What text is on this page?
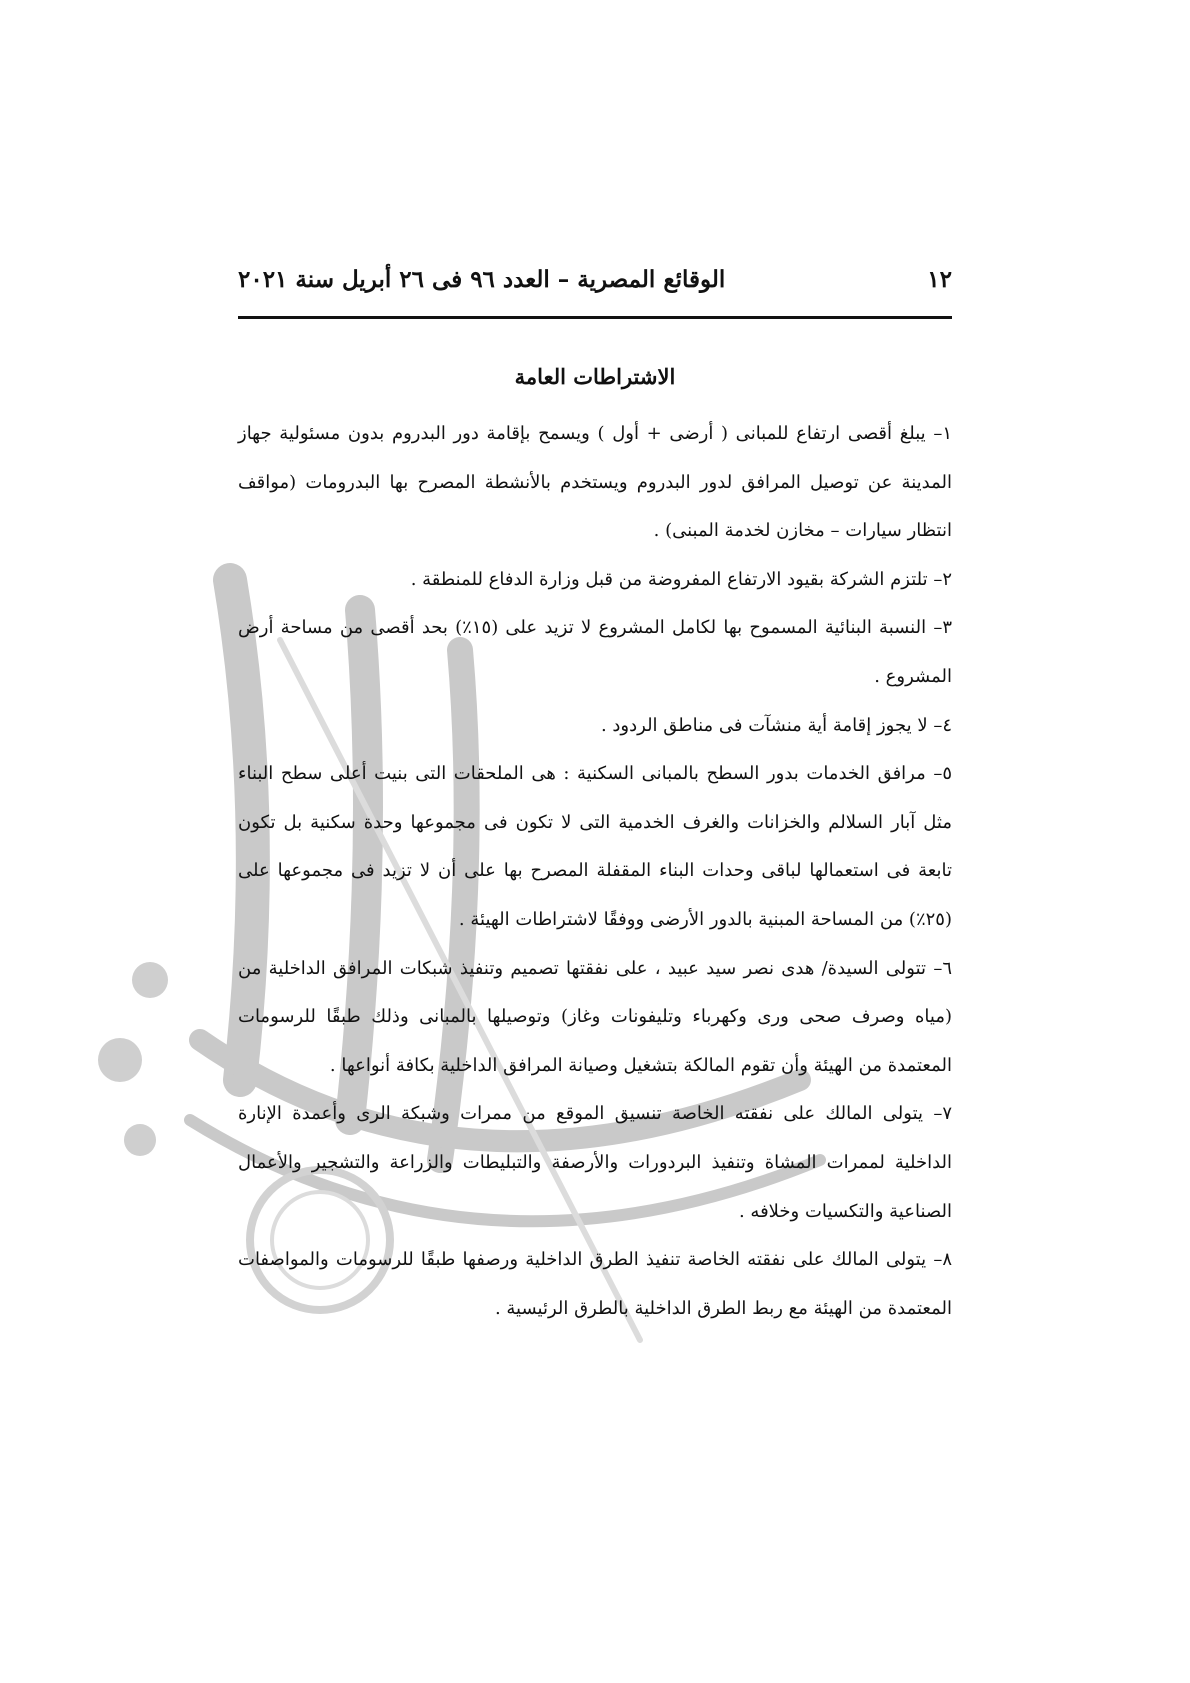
١٢
الوقائع المصرية – العدد ٩٦ فى ٢٦ أبريل سنة ٢٠٢١
الاشتراطات العامة

١– يبلغ أقصى ارتفاع للمبانى ( أرضى + أول ) ويسمح بإقامة دور البدروم بدون مسئولية جهاز المدينة عن توصيل المرافق لدور البدروم ويستخدم بالأنشطة المصرح بها البدرومات (مواقف انتظار سيارات – مخازن لخدمة المبنى) .

٢– تلتزم الشركة بقيود الارتفاع المفروضة من قبل وزارة الدفاع للمنطقة .

٣– النسبة البنائية المسموح بها لكامل المشروع لا تزيد على (١٥٪) بحد أقصى من مساحة أرض المشروع .

٤– لا يجوز إقامة أية منشآت فى مناطق الردود .

٥– مرافق الخدمات بدور السطح بالمبانى السكنية : هى الملحقات التى بنيت أعلى سطح البناء مثل آبار السلالم والخزانات والغرف الخدمية التى لا تكون فى مجموعها وحدة سكنية بل تكون تابعة فى استعمالها لباقى وحدات البناء المقفلة المصرح بها على أن لا تزيد فى مجموعها على (٢٥٪) من المساحة المبنية بالدور الأرضى ووفقًا لاشتراطات الهيئة .

٦– تتولى السيدة/ هدى نصر سيد عبيد ، على نفقتها تصميم وتنفيذ شبكات المرافق الداخلية من (مياه وصرف صحى ورى وكهرباء وتليفونات وغاز) وتوصيلها بالمبانى وذلك طبقًا للرسومات المعتمدة من الهيئة وأن تقوم المالكة بتشغيل وصيانة المرافق الداخلية بكافة أنواعها .

٧– يتولى المالك على نفقته الخاصة تنسيق الموقع من ممرات وشبكة الرى وأعمدة الإنارة الداخلية لممرات المشاة وتنفيذ البردورات والأرصفة والتبليطات والزراعة والتشجير والأعمال الصناعية والتكسيات وخلافه .

٨– يتولى المالك على نفقته الخاصة تنفيذ الطرق الداخلية ورصفها طبقًا للرسومات والمواصفات المعتمدة من الهيئة مع ربط الطرق الداخلية بالطرق الرئيسية .
